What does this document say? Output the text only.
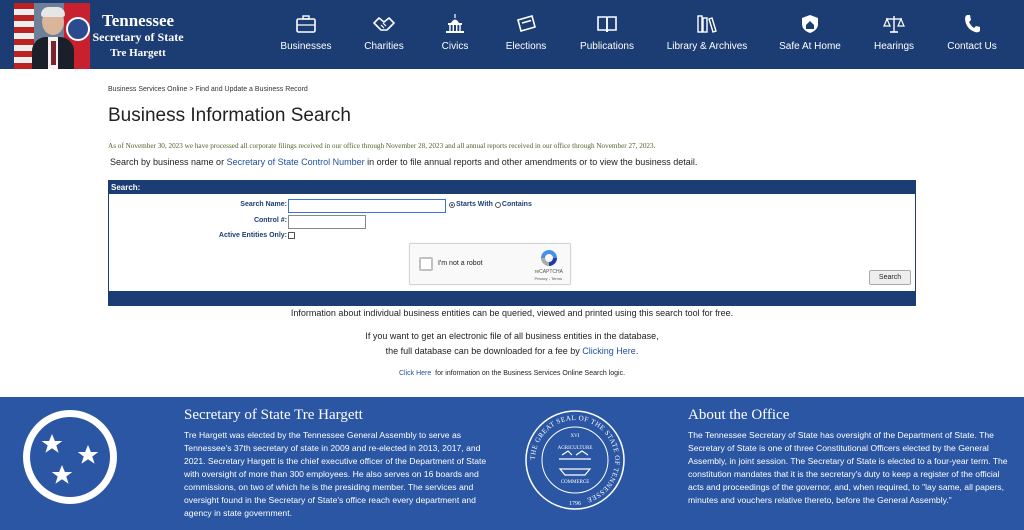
Tennessee
Secretary of State
Tre Hargett
Businesses	Charities	Civics	Elections	Publications	Library & Archives	Safe At Home	Hearings	Contact Us
Business Services Online > Find and Update a Business Record
Business Information Search
As of November 30, 2023 we have processed all corporate filings received in our office through November 28, 2023 and all annual reports received in our office through November 27, 2023.
Search by business name or Secretary of State Control Number in order to file annual reports and other amendments or to view the business detail.
Search:
Search Name:	Starts With Contains
Control #:
Active Entities Only:
I'm not a robot
reCAPTCHA
Privacy - Terms	Search
Information about individual business entities can be queried, viewed and printed using this search tool for free.
If you want to get an electronic file of all business entities in the database,
the full database can be downloaded for a fee by Clicking Here.
Click Here  for information on the Business Services Online Search logic.
Secretary of State Tre Hargett

Tre Hargett was elected by the Tennessee General Assembly to serve as Tennessee's 37th secretary of state in 2009 and re-elected in 2013, 2017, and 2021. Secretary Hargett is the chief executive officer of the Department of State with oversight of more than 300 employees. He also serves on 16 boards and commissions, on two of which he is the presiding member. The services and oversight found in the Secretary of State's office reach every department and agency in state government.

THE GREAT SEAL OF THE STATE OF TENNESSEE
XVI
AGRICULTURE
COMMERCE
1796
About the Office

The Tennessee Secretary of State has oversight of the Department of State. The Secretary of State is one of three Constitutional Officers elected by the General Assembly, in joint session. The Secretary of State is elected to a four-year term. The constitution mandates that it is the secretary's duty to keep a register of the official acts and proceedings of the governor, and, when required, to "lay same, all papers, minutes and vouchers relative thereto, before the General Assembly."
